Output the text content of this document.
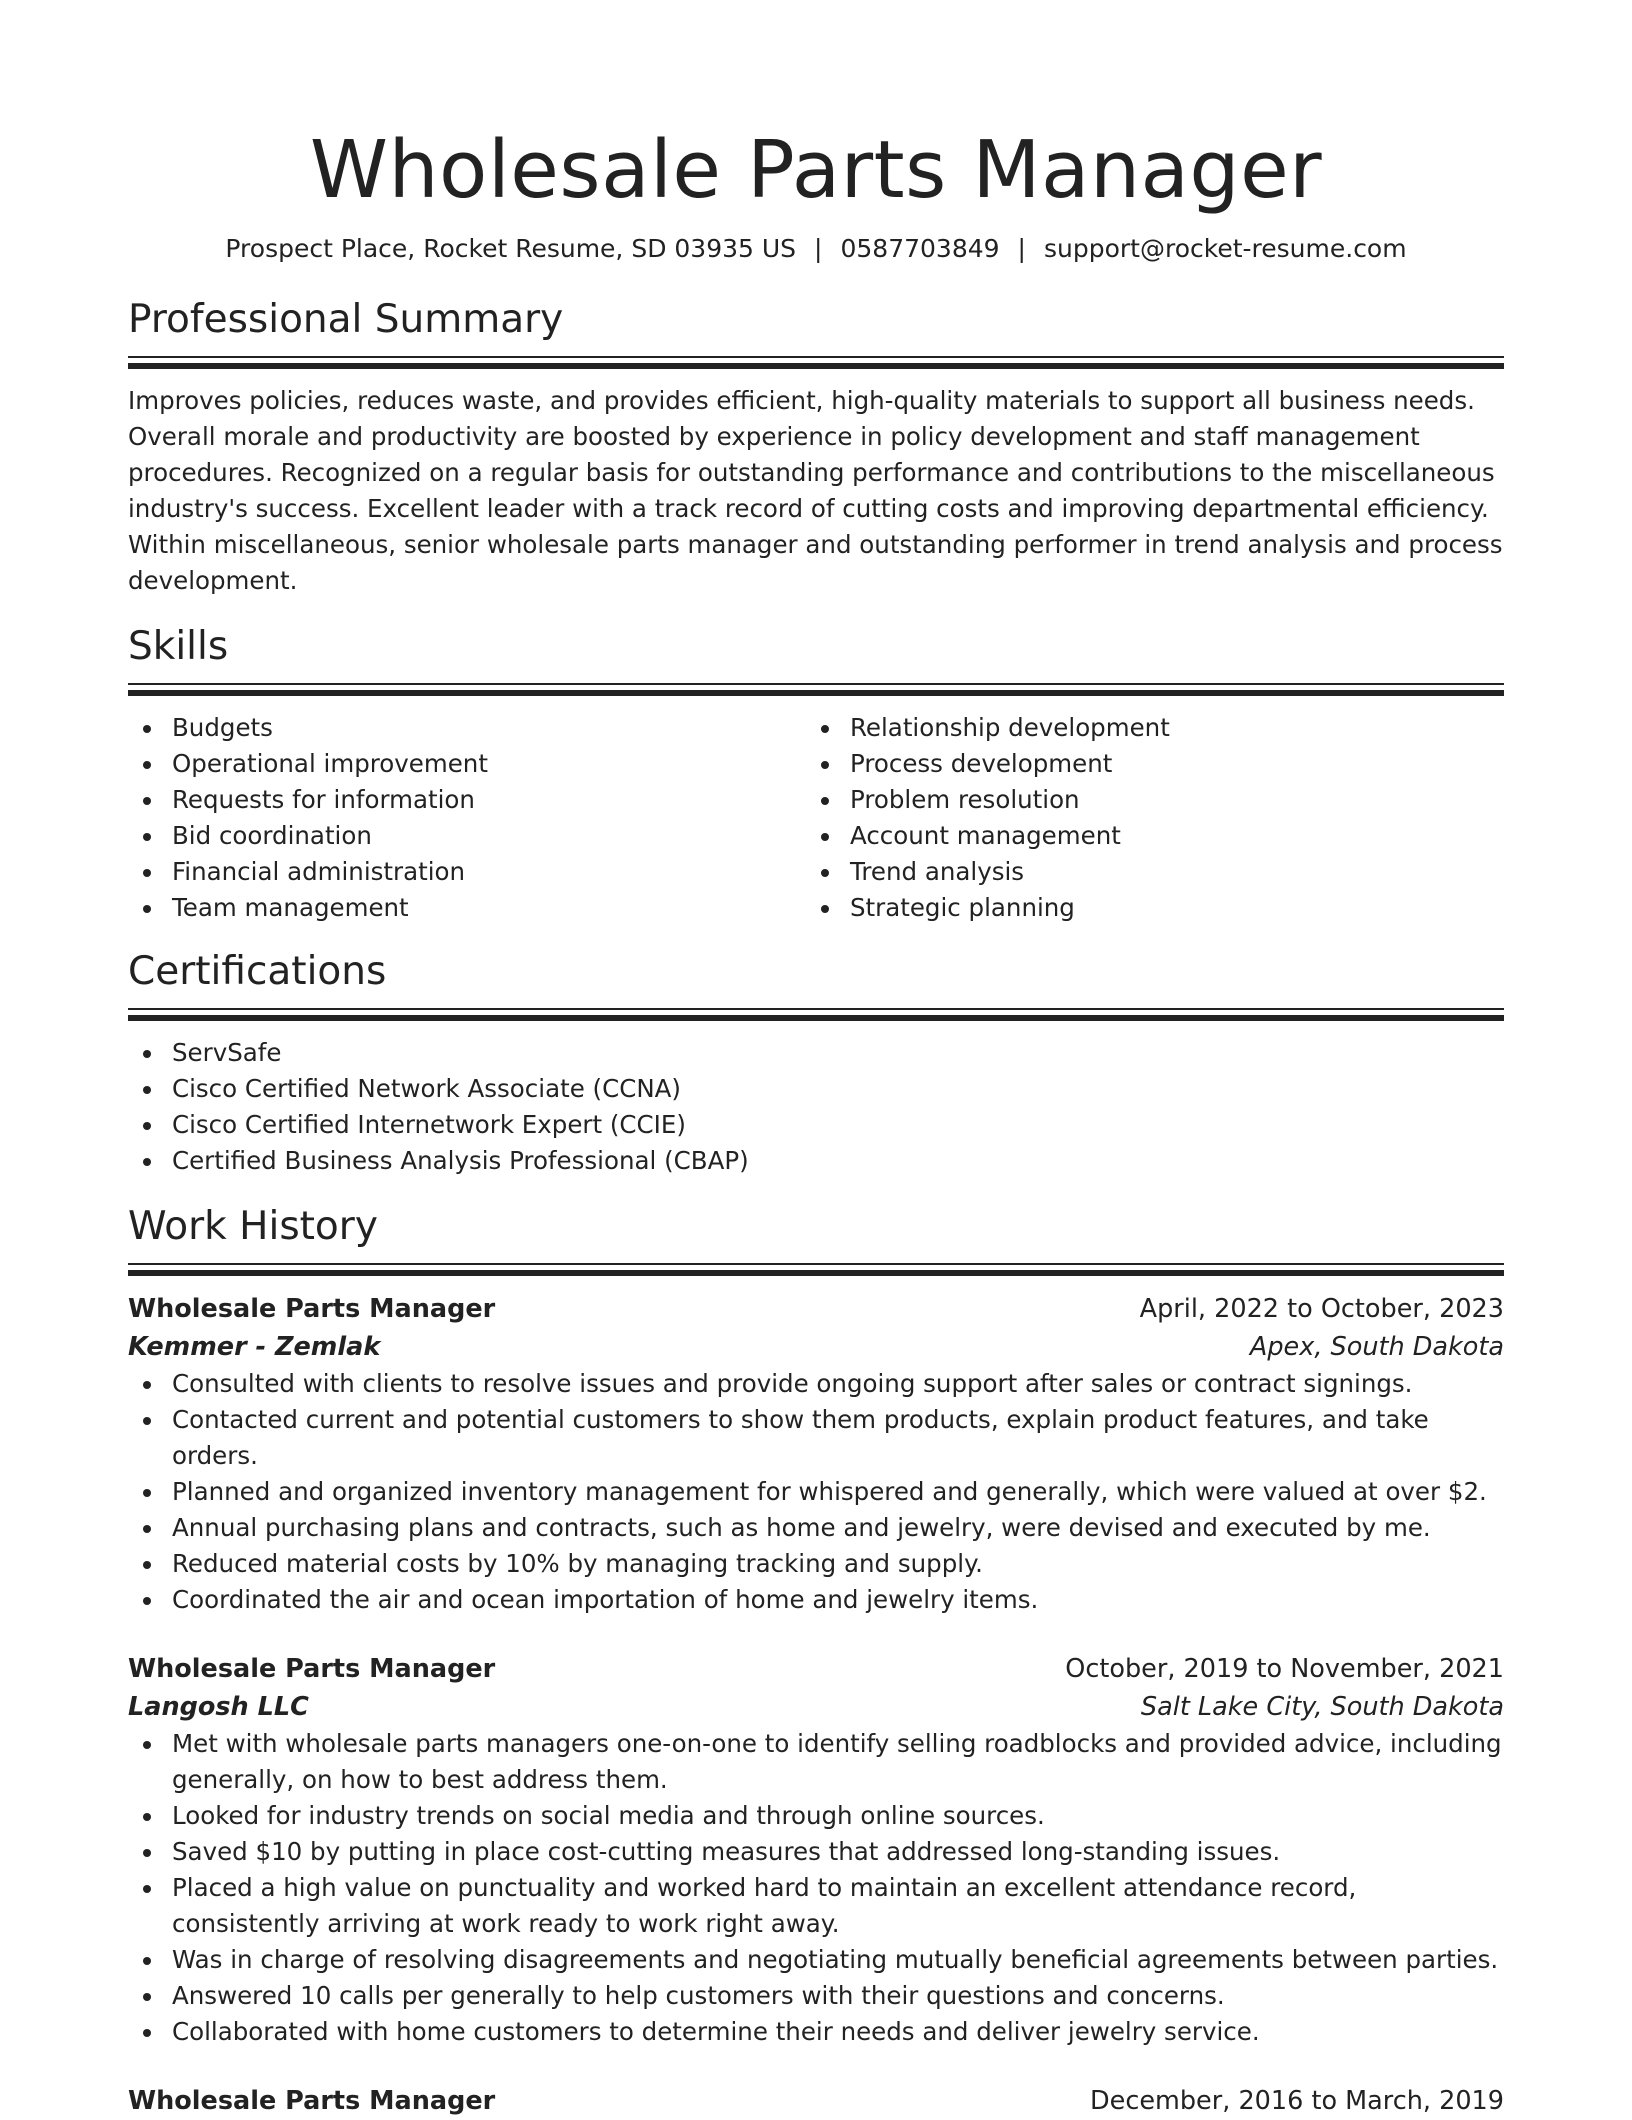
Wholesale Parts Manager
Prospect Place, Rocket Resume, SD 03935 US | 0587703849 | support@rocket-resume.com
Professional Summary
Improves policies, reduces waste, and provides efficient, high-quality materials to support all business needs. Overall morale and productivity are boosted by experience in policy development and staff management procedures. Recognized on a regular basis for outstanding performance and contributions to the miscellaneous industry's success. Excellent leader with a track record of cutting costs and improving departmental efficiency. Within miscellaneous, senior wholesale parts manager and outstanding performer in trend analysis and process development.
Skills
Budgets
Operational improvement
Requests for information
Bid coordination
Financial administration
Team management
Relationship development
Process development
Problem resolution
Account management
Trend analysis
Strategic planning
Certifications
ServSafe
Cisco Certified Network Associate (CCNA)
Cisco Certified Internetwork Expert (CCIE)
Certified Business Analysis Professional (CBAP)
Work History
Wholesale Parts Manager	April, 2022 to October, 2023
Kemmer - Zemlak	Apex, South Dakota
Consulted with clients to resolve issues and provide ongoing support after sales or contract signings.
Contacted current and potential customers to show them products, explain product features, and take orders.
Planned and organized inventory management for whispered and generally, which were valued at over $2.
Annual purchasing plans and contracts, such as home and jewelry, were devised and executed by me.
Reduced material costs by 10% by managing tracking and supply.
Coordinated the air and ocean importation of home and jewelry items.
Wholesale Parts Manager	October, 2019 to November, 2021
Langosh LLC	Salt Lake City, South Dakota
Met with wholesale parts managers one-on-one to identify selling roadblocks and provided advice, including generally, on how to best address them.
Looked for industry trends on social media and through online sources.
Saved $10 by putting in place cost-cutting measures that addressed long-standing issues.
Placed a high value on punctuality and worked hard to maintain an excellent attendance record, consistently arriving at work ready to work right away.
Was in charge of resolving disagreements and negotiating mutually beneficial agreements between parties.
Answered 10 calls per generally to help customers with their questions and concerns.
Collaborated with home customers to determine their needs and deliver jewelry service.
Wholesale Parts Manager	December, 2016 to March, 2019
